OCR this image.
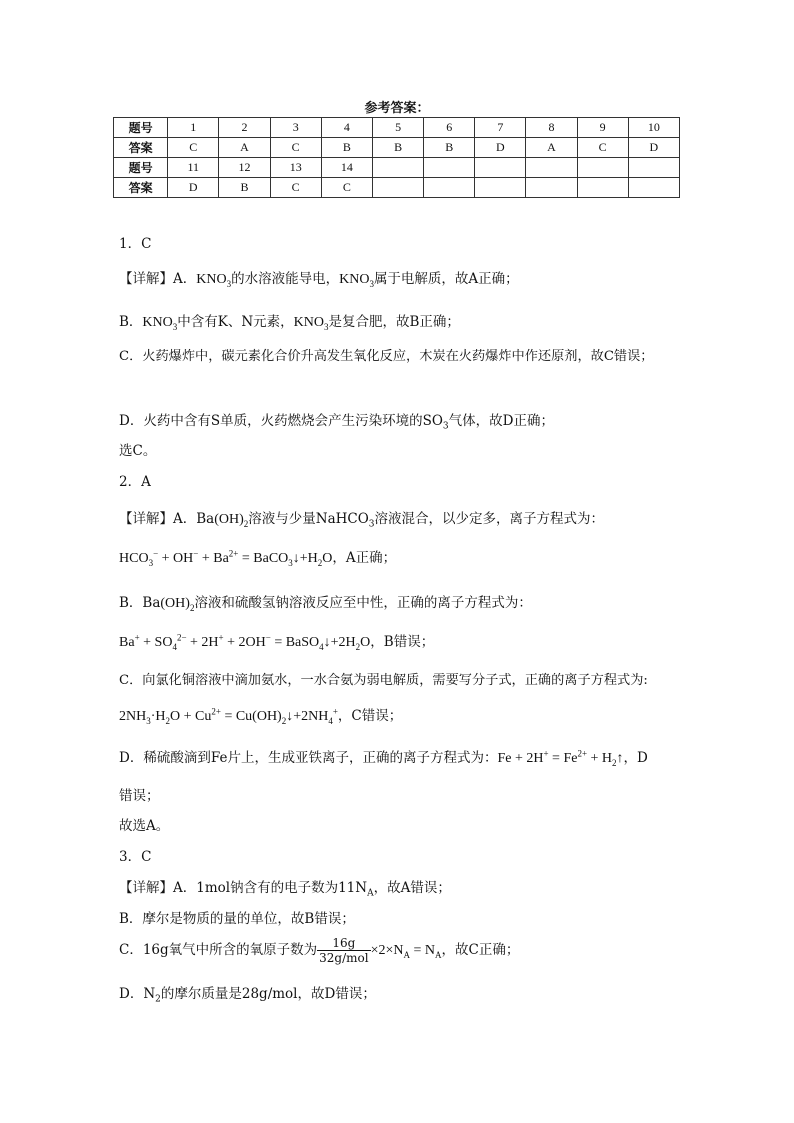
参考答案：
题号	1	2	3	4	5	6	7	8	9	10
答案	C	A	C	B	B	B	D	A	C	D
题号	11	12	13	14						
答案	D	B	C	C						
1．C
【详解】A．$KNO_3$的水溶液能导电，$KNO_3$属于电解质，故A正确；
B．$KNO_3$中含有K、N元素，$KNO_3$是复合肥，故B正确；
C．火药爆炸中，碳元素化合价升高发生氧化反应，木炭在火药爆炸中作还原剂，故C错误；
D．火药中含有S单质，火药燃烧会产生污染环境的$SO_3$气体，故D正确；
选C。
2．A
【详解】A．$Ba(OH)_2$溶液与少量NaHCO$_3$溶液混合，以少定多，离子方程式为：
$HCO_3^- + OH^- + Ba^{2+}$ = $BaCO_3↓+H_2O$，A正确；
B．$Ba(OH)_2$溶液和硫酸氢钠溶液反应至中性，正确的离子方程式为：
$Ba^+ + SO_4^{2-} + 2H^+ + 2OH^-$ = $BaSO_4↓+2H_2O$，B错误；
C．向氯化铜溶液中滴加氨水，一水合氨为弱电解质，需要写分子式，正确的离子方程式为:
$2NH_3\cdot H_2O + Cu^{2+}$ = $Cu(OH)_2↓+2NH_4^+$，C错误；
D．稀硫酸滴到Fe片上，生成亚铁离子，正确的离子方程式为：$Fe + 2H^+ = Fe^{2+}$ + $H_2↑$，D
错误；
故选A。
3．C
【详解】A．1mol钠含有的电子数为$11N_A$，故A错误；
B．摩尔是物质的量的单位，故B错误；
C．16g氧气中所含的氧原子数为 $\frac{16g}{\text{32g/mol}} \times 2\times N_A = N_A$，故C正确；
D．$N_2$的摩尔质量是28g/mol，故D错误；
